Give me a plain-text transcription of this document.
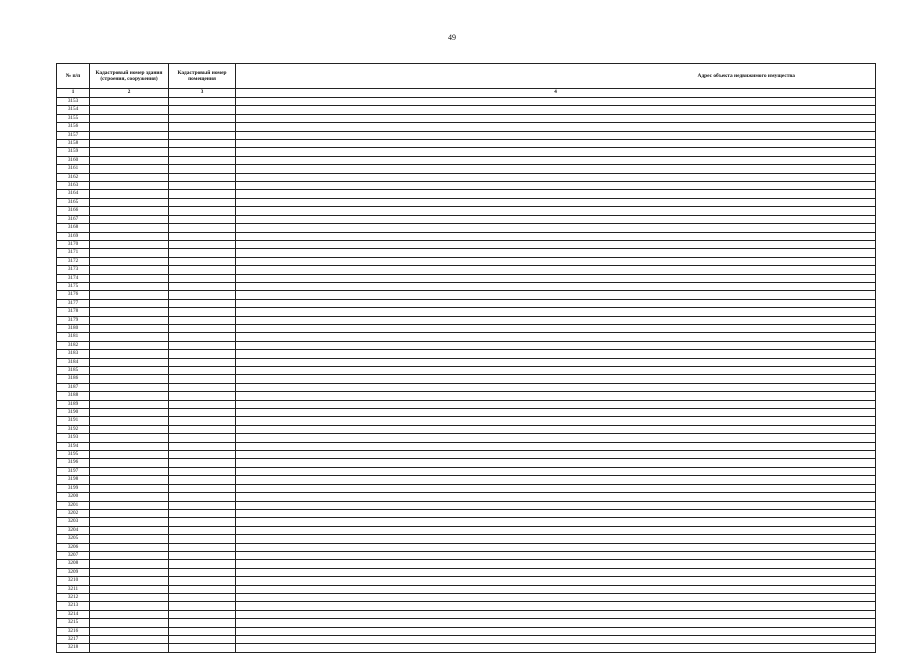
49
№ п/п	Кадастровый номер здания (строения, сооружения)	Кадастровый номер помещения	Адрес объекта недвижимого имущества
1	2	3	4
3153			
3154			
3155			
3156			
3157			
3158			
3159			
3160			
3161			
3162			
3163			
3164			
3165			
3166			
3167			
3168			
3169			
3170			
3171			
3172			
3173			
3174			
3175			
3176			
3177			
3178			
3179			
3180			
3181			
3182			
3183			
3184			
3185			
3186			
3187			
3188			
3189			
3190			
3191			
3192			
3193			
3194			
3195			
3196			
3197			
3198			
3199			
3200			
3201			
3202			
3203			
3204			
3205			
3206			
3207			
3208			
3209			
3210			
3211			
3212			
3213			
3214			
3215			
3216			
3217			
3218			
